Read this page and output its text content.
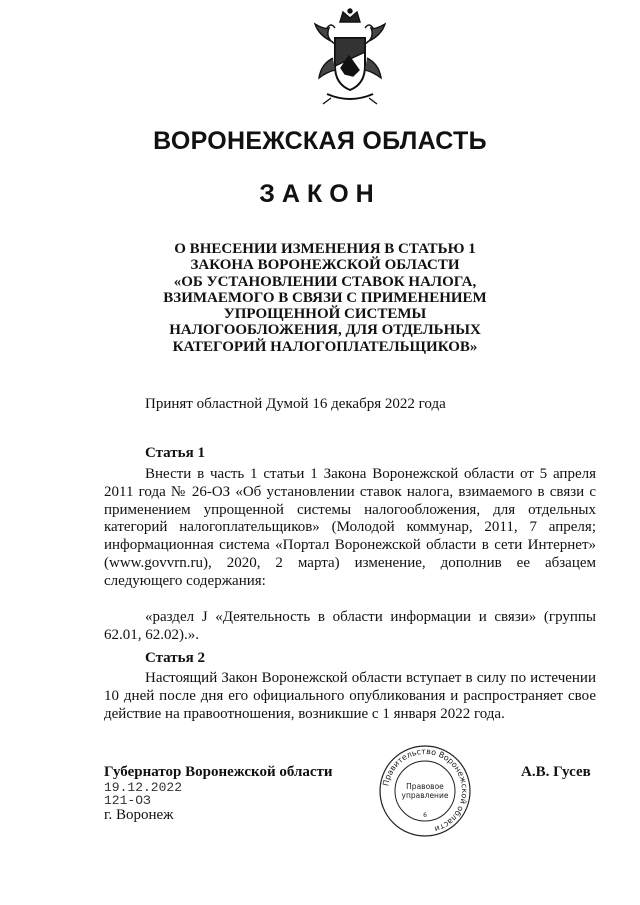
ВОРОНЕЖСКАЯ ОБЛАСТЬ
ЗАКОН
О ВНЕСЕНИИ ИЗМЕНЕНИЯ В СТАТЬЮ 1
ЗАКОНА ВОРОНЕЖСКОЙ ОБЛАСТИ
«ОБ УСТАНОВЛЕНИИ СТАВОК НАЛОГА,
ВЗИМАЕМОГО В СВЯЗИ С ПРИМЕНЕНИЕМ
УПРОЩЕННОЙ СИСТЕМЫ
НАЛОГООБЛОЖЕНИЯ, ДЛЯ ОТДЕЛЬНЫХ
КАТЕГОРИЙ НАЛОГОПЛАТЕЛЬЩИКОВ»
Принят областной Думой 16 декабря 2022 года
Статья 1
Внести в часть 1 статьи 1 Закона Воронежской области от 5 апреля 2011 года № 26-ОЗ «Об установлении ставок налога, взимаемого в связи с применением упрощенной системы налогообложения, для отдельных категорий налогоплательщиков» (Молодой коммунар, 2011, 7 апреля; информационная система «Портал Воронежской области в сети Интернет» (www.govvrn.ru), 2020, 2 марта) изменение, дополнив ее абзацем следующего содержания:
«раздел J «Деятельность в области информации и связи» (группы 62.01, 62.02).».
Статья 2
Настоящий Закон Воронежской области вступает в силу по истечении 10 дней после дня его официального опубликования и распространяет свое действие на правоотношения, возникшие с 1 января 2022 года.
Губернатор Воронежской области
19.12.2022
121-ОЗ
г. Воронеж
Правительство Воронежской области
Правовое
управление
6
А.В. Гусев
